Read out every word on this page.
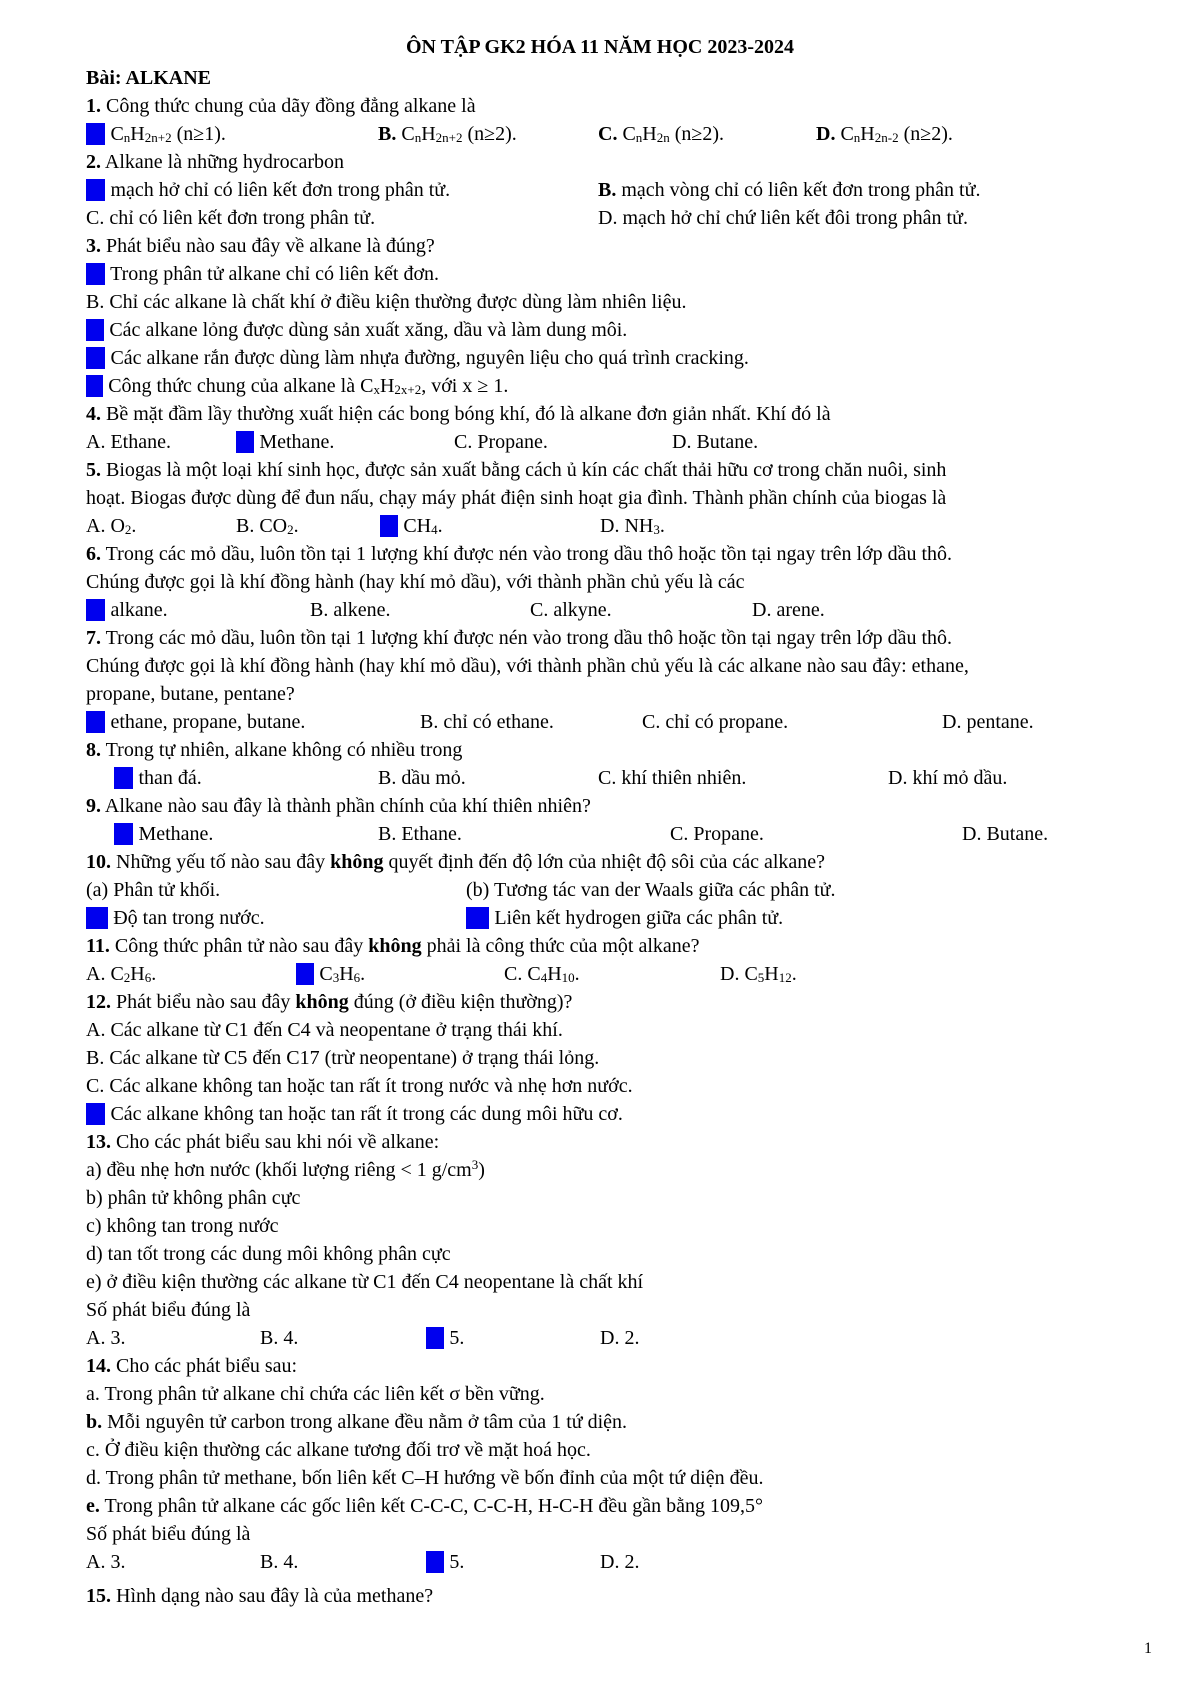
ÔN TẬP GK2 HÓA 11 NĂM HỌC 2023-2024
Bài: ALKANE
1. Công thức chung của dãy đồng đẳng alkane là
A. $C_nH_{2n+2}$ (n≥1).	B. $C_nH_{2n+2}$ (n≥2).	C. $C_nH_{2n}$ (n≥2).	D. $C_nH_{2n-2}$ (n≥2).
2. Alkane là những hydrocarbon
A. mạch hở chỉ có liên kết đơn trong phân tử.	B. mạch vòng chỉ có liên kết đơn trong phân tử.
C. chỉ có liên kết đơn trong phân tử.	D. mạch hở chỉ chứ liên kết đôi trong phân tử.
3. Phát biểu nào sau đây về alkane là đúng?
A. Trong phân tử alkane chỉ có liên kết đơn.
B. Chỉ các alkane là chất khí ở điều kiện thường được dùng làm nhiên liệu.
C. Các alkane lỏng được dùng sản xuất xăng, dầu và làm dung môi.
D. Các alkane rắn được dùng làm nhựa đường, nguyên liệu cho quá trình cracking.
E. Công thức chung của alkane là $C_xH_{2x+2}$, với x ≥ 1.
4. Bề mặt đầm lầy thường xuất hiện các bong bóng khí, đó là alkane đơn giản nhất. Khí đó là
A. Ethane.	B. Methane.	C. Propane.	D. Butane.
5. Biogas là một loại khí sinh học, được sản xuất bằng cách ủ kín các chất thải hữu cơ trong chăn nuôi, sinh
hoạt. Biogas được dùng để đun nấu, chạy máy phát điện sinh hoạt gia đình. Thành phần chính của biogas là
A. $O_2$.	B. $CO_2$.	C. $CH_4$.	D. $NH_3$.
6. Trong các mỏ dầu, luôn tồn tại 1 lượng khí được nén vào trong dầu thô hoặc tồn tại ngay trên lớp dầu thô.
Chúng được gọi là khí đồng hành (hay khí mỏ dầu), với thành phần chủ yếu là các
A. alkane.	B. alkene.	C. alkyne.	D. arene.
7. Trong các mỏ dầu, luôn tồn tại 1 lượng khí được nén vào trong dầu thô hoặc tồn tại ngay trên lớp dầu thô.
Chúng được gọi là khí đồng hành (hay khí mỏ dầu), với thành phần chủ yếu là các alkane nào sau đây: ethane,
propane, butane, pentane?
A. ethane, propane, butane.	B. chỉ có ethane.	C. chỉ có propane.	D. pentane.
8. Trong tự nhiên, alkane không có nhiều trong
A. than đá.	B. dầu mỏ.	C. khí thiên nhiên.	D. khí mỏ dầu.
9. Alkane nào sau đây là thành phần chính của khí thiên nhiên?
A. Methane.	B. Ethane.	C. Propane.	D. Butane.
10. Những yếu tố nào sau đây không quyết định đến độ lớn của nhiệt độ sôi của các alkane?
(a) Phân tử khối.	(b) Tương tác van der Waals giữa các phân tử.
(c) Độ tan trong nước.	(d) Liên kết hydrogen giữa các phân tử.
11. Công thức phân tử nào sau đây không phải là công thức của một alkane?
A. $C_2H_6$.	B. $C_3H_6$.	C. $C_4H_{10}$.	D. $C_5H_{12}$.
12. Phát biểu nào sau đây không đúng (ở điều kiện thường)?
A. Các alkane từ C1 đến C4 và neopentane ở trạng thái khí.
B. Các alkane từ C5 đến C17 (trừ neopentane) ở trạng thái lỏng.
C. Các alkane không tan hoặc tan rất ít trong nước và nhẹ hơn nước.
D. Các alkane không tan hoặc tan rất ít trong các dung môi hữu cơ.
13. Cho các phát biểu sau khi nói về alkane:
a) đều nhẹ hơn nước (khối lượng riêng < 1 $g/cm^3$)
b) phân tử không phân cực
c) không tan trong nước
d) tan tốt trong các dung môi không phân cực
e) ở điều kiện thường các alkane từ C1 đến C4 neopentane là chất khí
Số phát biểu đúng là
A. 3.	B. 4.	C. 5.	D. 2.
14. Cho các phát biểu sau:
a. Trong phân tử alkane chỉ chứa các liên kết σ bền vững.
b. Mỗi nguyên tử carbon trong alkane đều nằm ở tâm của 1 tứ diện.
c. Ở điều kiện thường các alkane tương đối trơ về mặt hoá học.
d. Trong phân tử methane, bốn liên kết C–H hướng về bốn đỉnh của một tứ diện đều.
e. Trong phân tử alkane các gốc liên kết C-C-C, C-C-H, H-C-H đều gần bằng 109,5°
Số phát biểu đúng là
A. 3.	B. 4.	C. 5.	D. 2.
15. Hình dạng nào sau đây là của methane?
1
